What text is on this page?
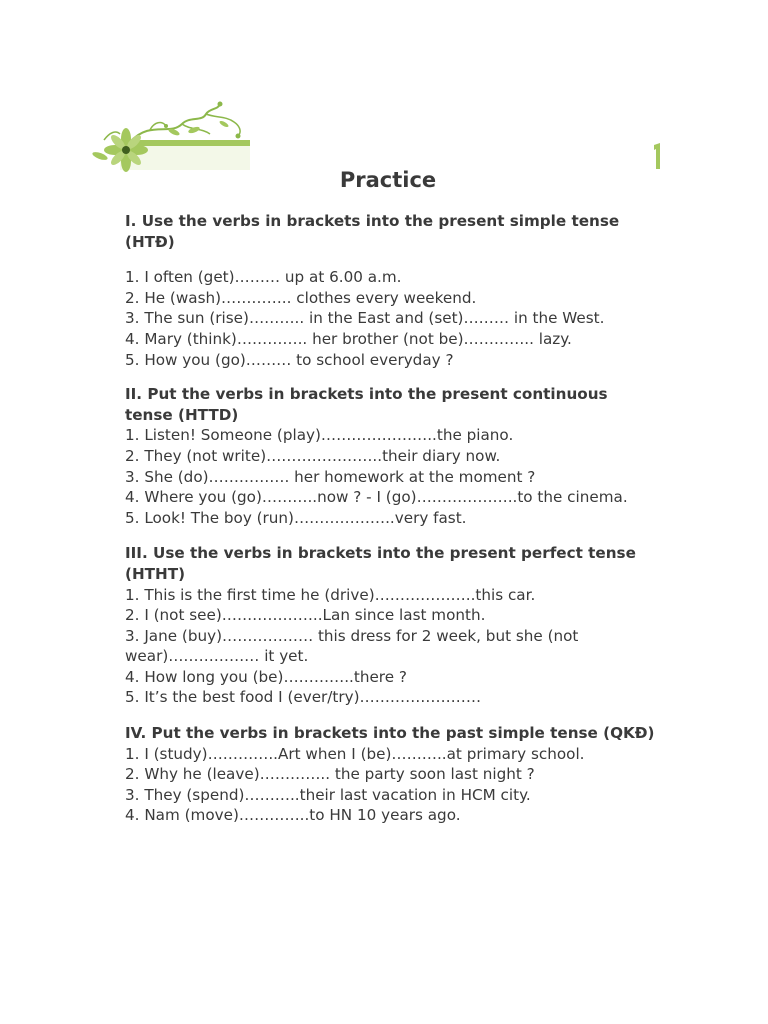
Practice

I. Use the verbs in brackets into the present simple tense (HTĐ)

1. I often (get)……… up at 6.00 a.m.
2. He (wash)………….. clothes every weekend.
3. The sun (rise)……….. in the East and (set)……… in the West.
4. Mary (think)………….. her brother (not be)………….. lazy.
5. How you (go)……… to school everyday ?

II. Put the verbs in brackets into the present continuous tense (HTTD)

1. Listen! Someone (play)…………………..the piano.
2. They (not write)…………………..their diary now.
3. She (do)……………. her homework at the moment ?
4. Where you (go)………..now ? - I (go)………………..to the cinema.
5. Look! The boy (run)………………..very fast.

III. Use the verbs in brackets into the present perfect tense (HTHT)

1. This is the first time he (drive)………………..this car.
2. I (not see)………………..Lan since last month.
3. Jane (buy)……………… this dress for 2 week, but she (not wear)……………… it yet.
4. How long you (be)…………..there ?
5. It’s the best food I (ever/try)……………………

IV. Put the verbs in brackets into the past simple tense (QKĐ)

1. I (study)…………..Art when I (be)………..at primary school.
2. Why he (leave)………….. the party soon last night ?
3. They (spend)………..their last vacation in HCM city.
4. Nam (move)…………..to HN 10 years ago.
